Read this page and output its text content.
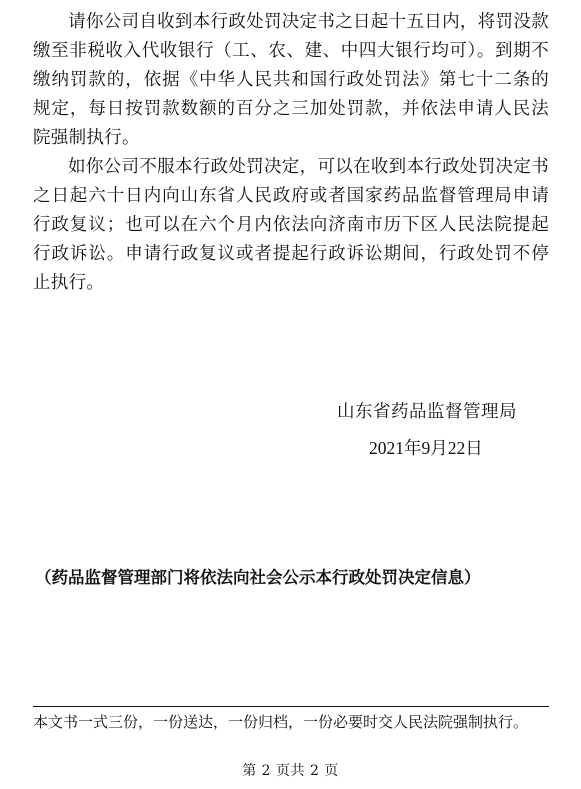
请你公司自收到本行政处罚决定书之日起十五日内，将罚没款缴至非税收入代收银行（工、农、建、中四大银行均可）。到期不缴纳罚款的，依据《中华人民共和国行政处罚法》第七十二条的规定，每日按罚款数额的百分之三加处罚款，并依法申请人民法院强制执行。

如你公司不服本行政处罚决定，可以在收到本行政处罚决定书之日起六十日内向山东省人民政府或者国家药品监督管理局申请行政复议；也可以在六个月内依法向济南市历下区人民法院提起行政诉讼。申请行政复议或者提起行政诉讼期间，行政处罚不停止执行。

山东省药品监督管理局
2021年9月22日
（药品监督管理部门将依法向社会公示本行政处罚决定信息）
本文书一式三份，一份送达，一份归档，一份必要时交人民法院强制执行。
第 2 页共 2 页
